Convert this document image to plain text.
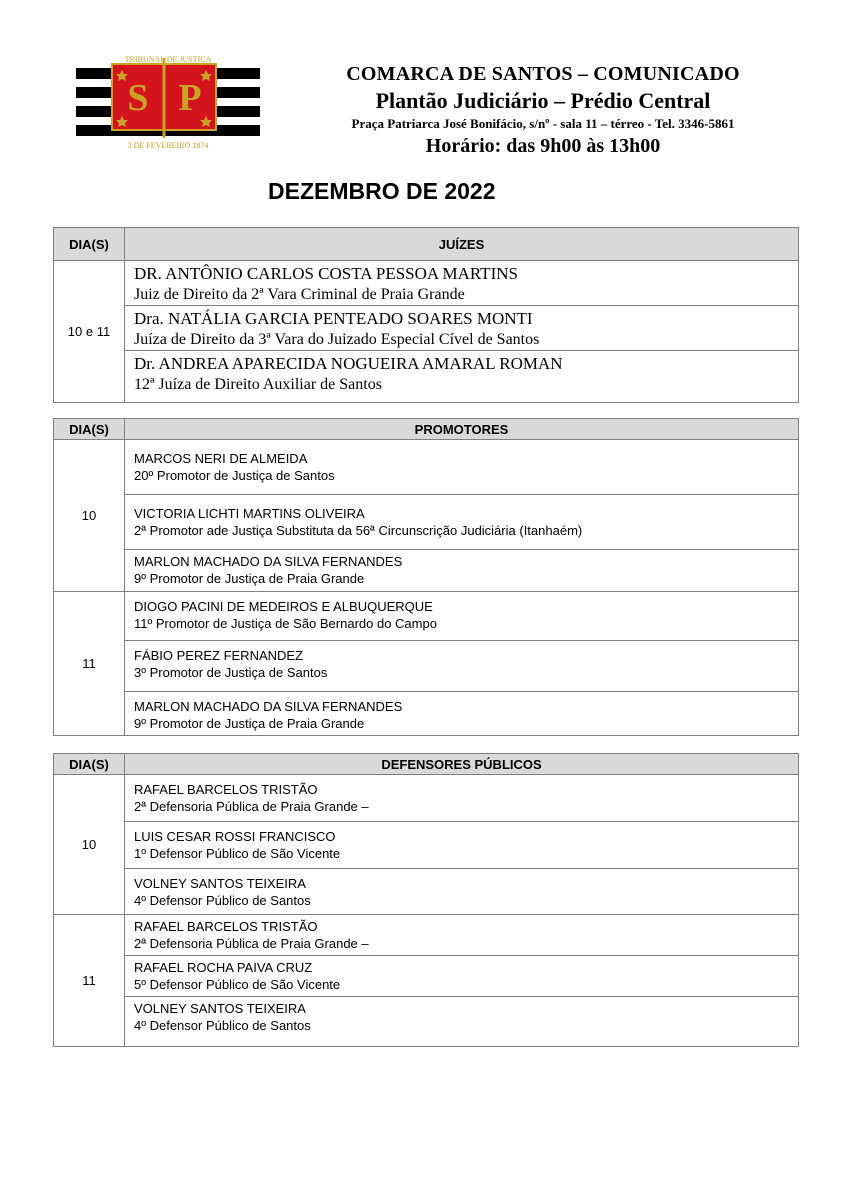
S P
TRIBUNAL DE JUSTIÇA
3 DE FEVEREIRO 1874
COMARCA DE SANTOS – COMUNICADO
Plantão Judiciário – Prédio Central
Praça Patriarca José Bonifácio, s/nº - sala 11 – térreo - Tel. 3346-5861
Horário: das 9h00 às 13h00
DEZEMBRO DE 2022
DIA(S)	JUÍZES
10 e 11	DR. ANTÔNIO CARLOS COSTA PESSOA MARTINS
Juiz de Direito da 2ª Vara Criminal de Praia Grande

	Dra. NATÁLIA GARCIA PENTEADO SOARES MONTI
Juíza de Direito da 3ª Vara do Juizado Especial Cível de Santos

	Dr. ANDREA APARECIDA NOGUEIRA AMARAL ROMAN
12ª Juíza de Direito Auxiliar de Santos
DIA(S)	PROMOTORES
10	MARCOS NERI DE ALMEIDA
20º Promotor de Justiça de Santos

	VICTORIA LICHTI MARTINS OLIVEIRA
2ª Promotor ade Justiça Substituta da 56ª Circunscrição Judiciária (Itanhaém)

	MARLON MACHADO DA SILVA FERNANDES
9º Promotor de Justiça de Praia Grande

11	DIOGO PACINI DE MEDEIROS E ALBUQUERQUE
11º Promotor de Justiça de São Bernardo do Campo

	FÁBIO PEREZ FERNANDEZ
3º Promotor de Justiça de Santos

	MARLON MACHADO DA SILVA FERNANDES
9º Promotor de Justiça de Praia Grande
DIA(S)	DEFENSORES PÚBLICOS
10	RAFAEL BARCELOS TRISTÃO
2ª Defensoria Pública de Praia Grande –

	LUIS CESAR ROSSI FRANCISCO
1º Defensor Público de São Vicente

	VOLNEY SANTOS TEIXEIRA
4º Defensor Público de Santos

11	RAFAEL BARCELOS TRISTÃO
2ª Defensoria Pública de Praia Grande –

	RAFAEL ROCHA PAIVA CRUZ
5º Defensor Público de São Vicente

	VOLNEY SANTOS TEIXEIRA
4º Defensor Público de Santos
